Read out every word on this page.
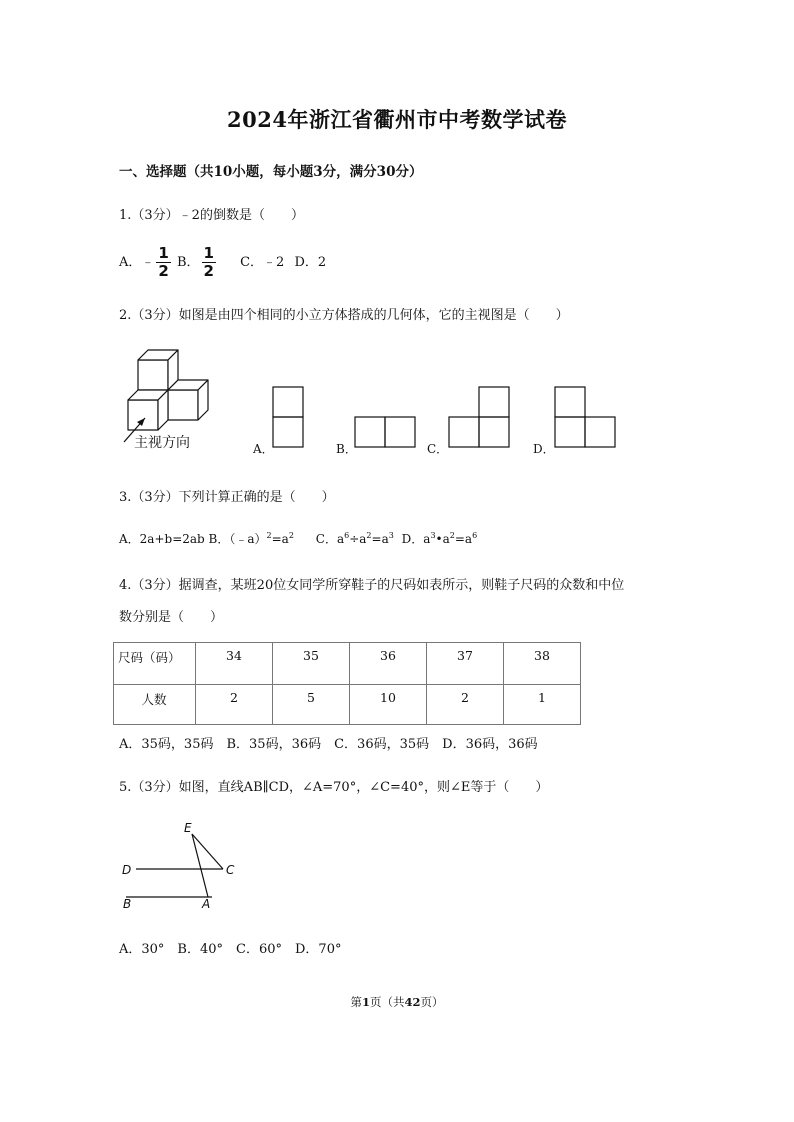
2024年浙江省衢州市中考数学试卷
一、选择题（共10小题，每小题3分，满分30分）
1.（3分）﹣2的倒数是（　　）
A．﹣ $\frac{1}{2}$ B． $\frac{1}{2}$ C．﹣2 D．2
2.（3分）如图是由四个相同的小立方体搭成的几何体，它的主视图是（　　）
主视方向	A．	B．	C．	D．
3.（3分）下列计算正确的是（　　）
A．2a+b=2ab B．$(﹣a)^2=a^2$ C．$a^6\div a^2=a^3$ D．$a^3•a^2=a^6$
4.（3分）据调查，某班20位女同学所穿鞋子的尺码如表所示，则鞋子尺码的众数和中位
数分别是（　　）
尺码（码）	34	35	36	37	38
人数	2	5	10	2	1
A．35码，35码　B．35码，36码　C．36码，35码　D．36码，36码
5.（3分）如图，直线AB∥CD，∠A=70°，∠C=40°，则∠E等于（　　）
E
D	C
B	A
A．30°　B．40°　C．60°　D．70°
第1页（共42页）
